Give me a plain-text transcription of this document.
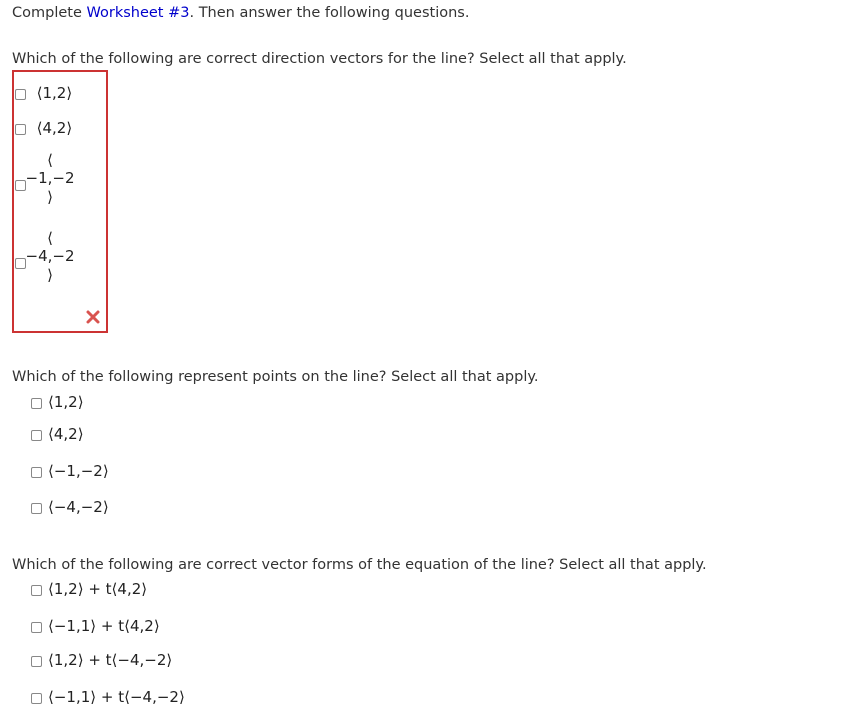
Complete Worksheet #3. Then answer the following questions.
Which of the following are correct direction vectors for the line? Select all that apply.
⟨1,2⟩
⟨4,2⟩
⟨
−1,−2
⟩
⟨
−4,−2
⟩
Which of the following represent points on the line? Select all that apply.
⟨1,2⟩
⟨4,2⟩
⟨−1,−2⟩
⟨−4,−2⟩
Which of the following are correct vector forms of the equation of the line? Select all that apply.
⟨1,2⟩ + t⟨4,2⟩
⟨−1,1⟩ + t⟨4,2⟩
⟨1,2⟩ + t⟨−4,−2⟩
⟨−1,1⟩ + t⟨−4,−2⟩
